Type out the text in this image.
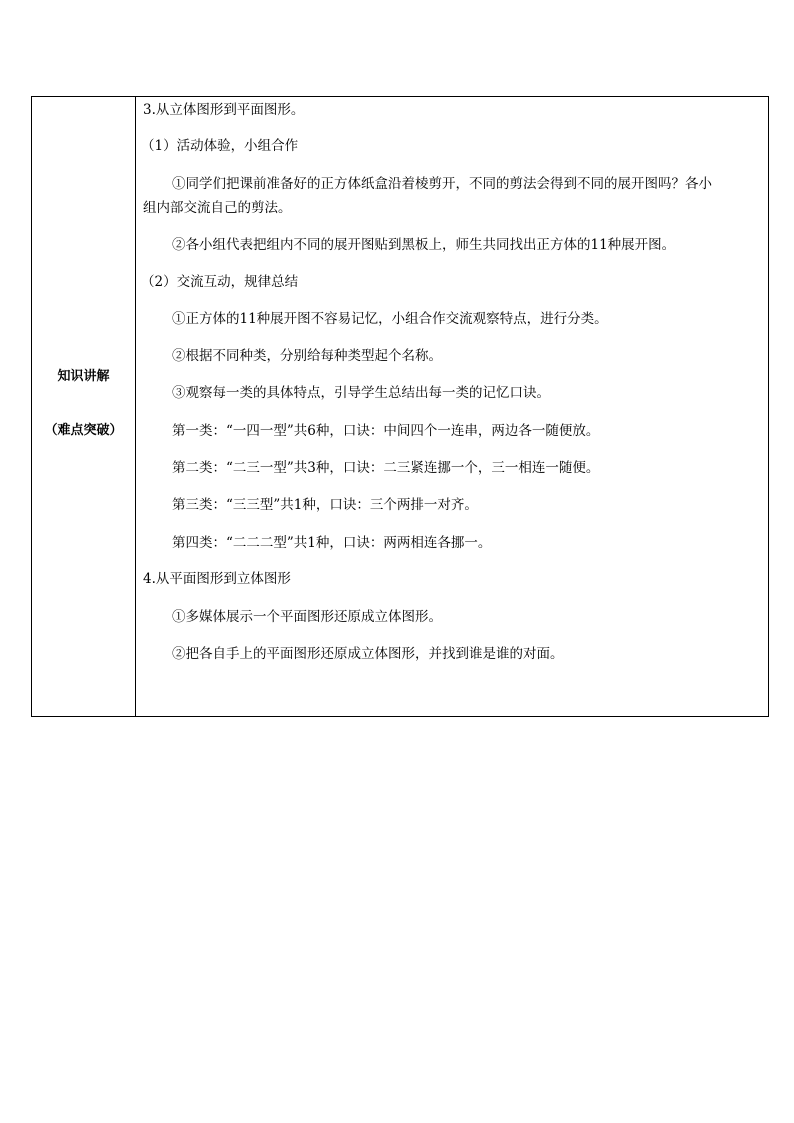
知识讲解
（难点突破）
3.从立体图形到平面图形。
（1）活动体验，小组合作
①同学们把课前准备好的正方体纸盒沿着棱剪开，不同的剪法会得到不同的展开图吗？各小
组内部交流自己的剪法。
②各小组代表把组内不同的展开图贴到黑板上，师生共同找出正方体的11种展开图。
（2）交流互动，规律总结
①正方体的11种展开图不容易记忆，小组合作交流观察特点，进行分类。
②根据不同种类，分别给每种类型起个名称。
③观察每一类的具体特点，引导学生总结出每一类的记忆口诀。
第一类：“一四一型”共6种，口诀：中间四个一连串，两边各一随便放。
第二类：“二三一型”共3种，口诀：二三紧连挪一个，三一相连一随便。
第三类：“三三型”共1种，口诀：三个两排一对齐。
第四类：“二二二型”共1种，口诀：两两相连各挪一。
4.从平面图形到立体图形
①多媒体展示一个平面图形还原成立体图形。
②把各自手上的平面图形还原成立体图形，并找到谁是谁的对面。
